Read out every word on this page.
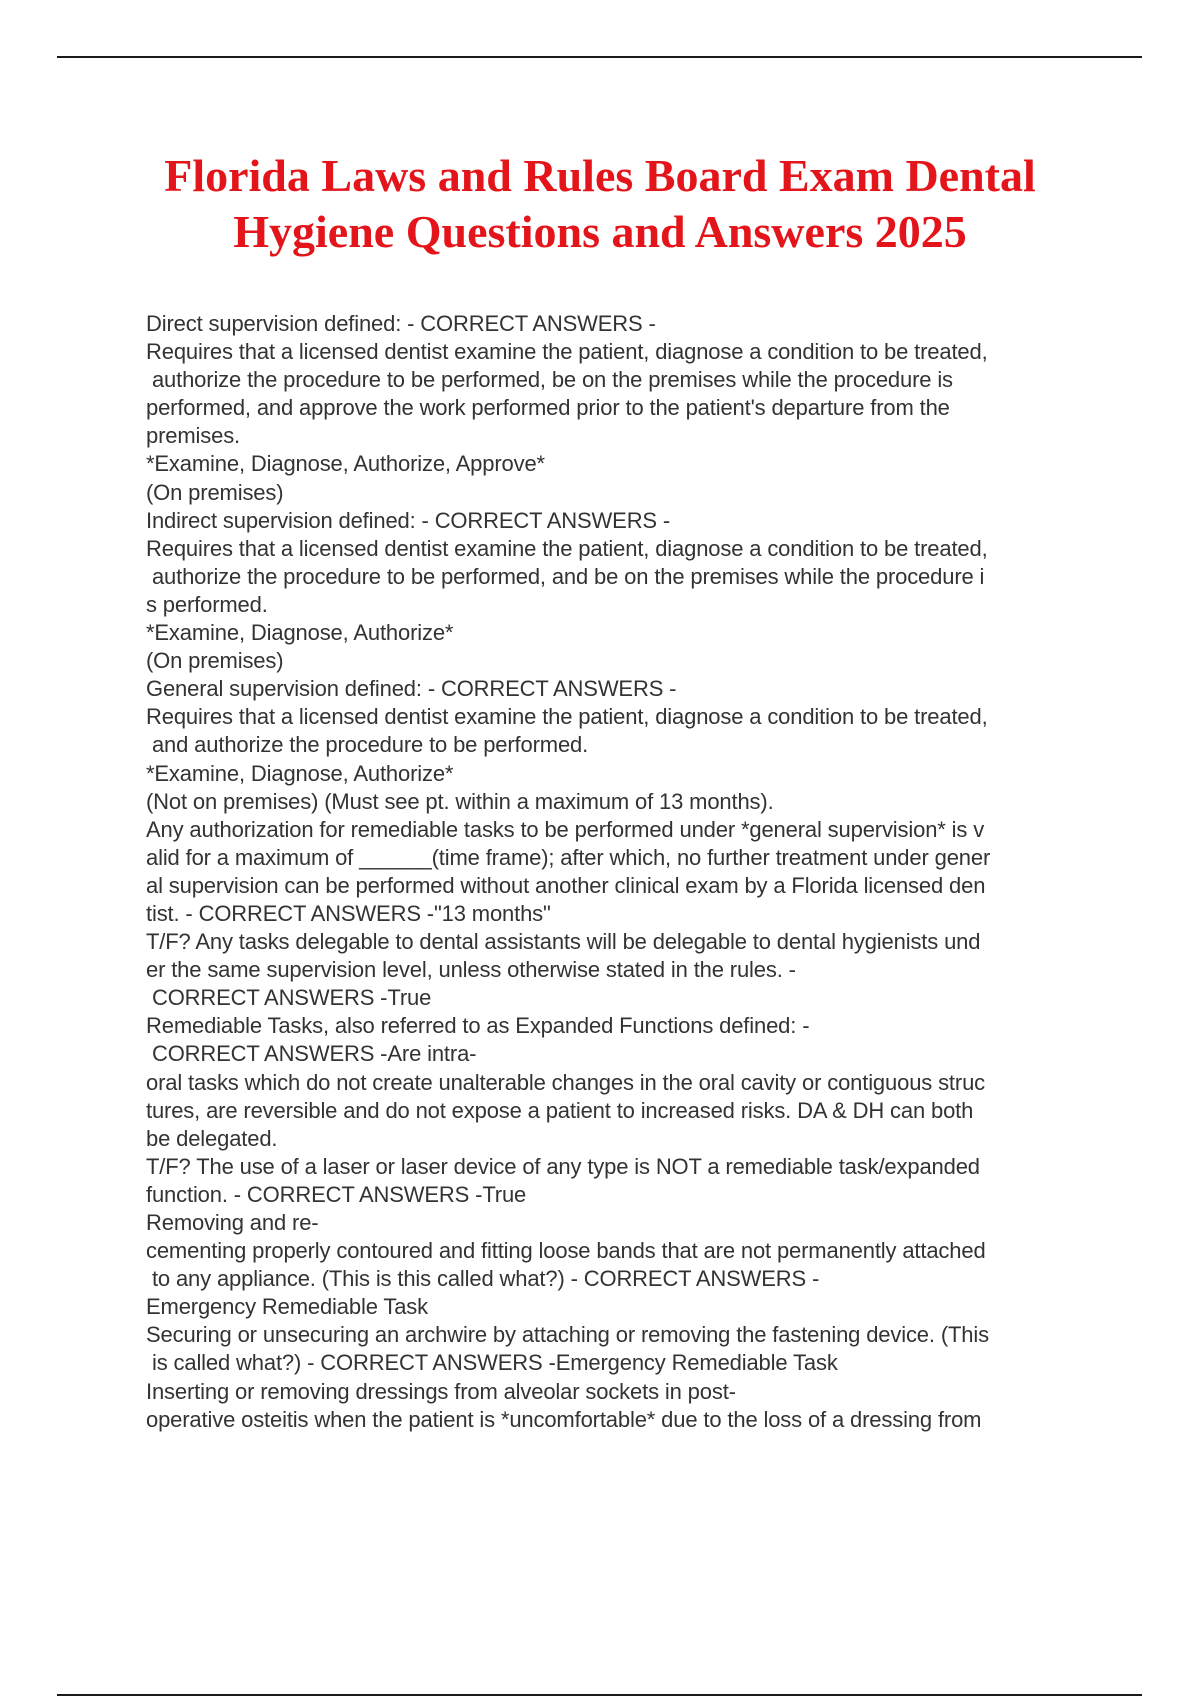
Florida Laws and Rules Board Exam Dental
Hygiene Questions and Answers 2025
Direct supervision defined: - CORRECT ANSWERS -
Requires that a licensed dentist examine the patient, diagnose a condition to be treated,
authorize the procedure to be performed, be on the premises while the procedure is
performed, and approve the work performed prior to the patient's departure from the
premises.
*Examine, Diagnose, Authorize, Approve*
(On premises)
Indirect supervision defined: - CORRECT ANSWERS -
Requires that a licensed dentist examine the patient, diagnose a condition to be treated,
authorize the procedure to be performed, and be on the premises while the procedure i
s performed.
*Examine, Diagnose, Authorize*
(On premises)
General supervision defined: - CORRECT ANSWERS -
Requires that a licensed dentist examine the patient, diagnose a condition to be treated,
and authorize the procedure to be performed.
*Examine, Diagnose, Authorize*
(Not on premises) (Must see pt. within a maximum of 13 months).
Any authorization for remediable tasks to be performed under *general supervision* is v
alid for a maximum of ______(time frame); after which, no further treatment under gener
al supervision can be performed without another clinical exam by a Florida licensed den
tist. - CORRECT ANSWERS -"13 months"
T/F? Any tasks delegable to dental assistants will be delegable to dental hygienists und
er the same supervision level, unless otherwise stated in the rules. -
CORRECT ANSWERS -True
Remediable Tasks, also referred to as Expanded Functions defined: -
CORRECT ANSWERS -Are intra-
oral tasks which do not create unalterable changes in the oral cavity or contiguous struc
tures, are reversible and do not expose a patient to increased risks. DA & DH can both
be delegated.
T/F? The use of a laser or laser device of any type is NOT a remediable task/expanded
function. - CORRECT ANSWERS -True
Removing and re-
cementing properly contoured and fitting loose bands that are not permanently attached
to any appliance. (This is this called what?) - CORRECT ANSWERS -
Emergency Remediable Task
Securing or unsecuring an archwire by attaching or removing the fastening device. (This
is called what?) - CORRECT ANSWERS -Emergency Remediable Task
Inserting or removing dressings from alveolar sockets in post-
operative osteitis when the patient is *uncomfortable* due to the loss of a dressing from
